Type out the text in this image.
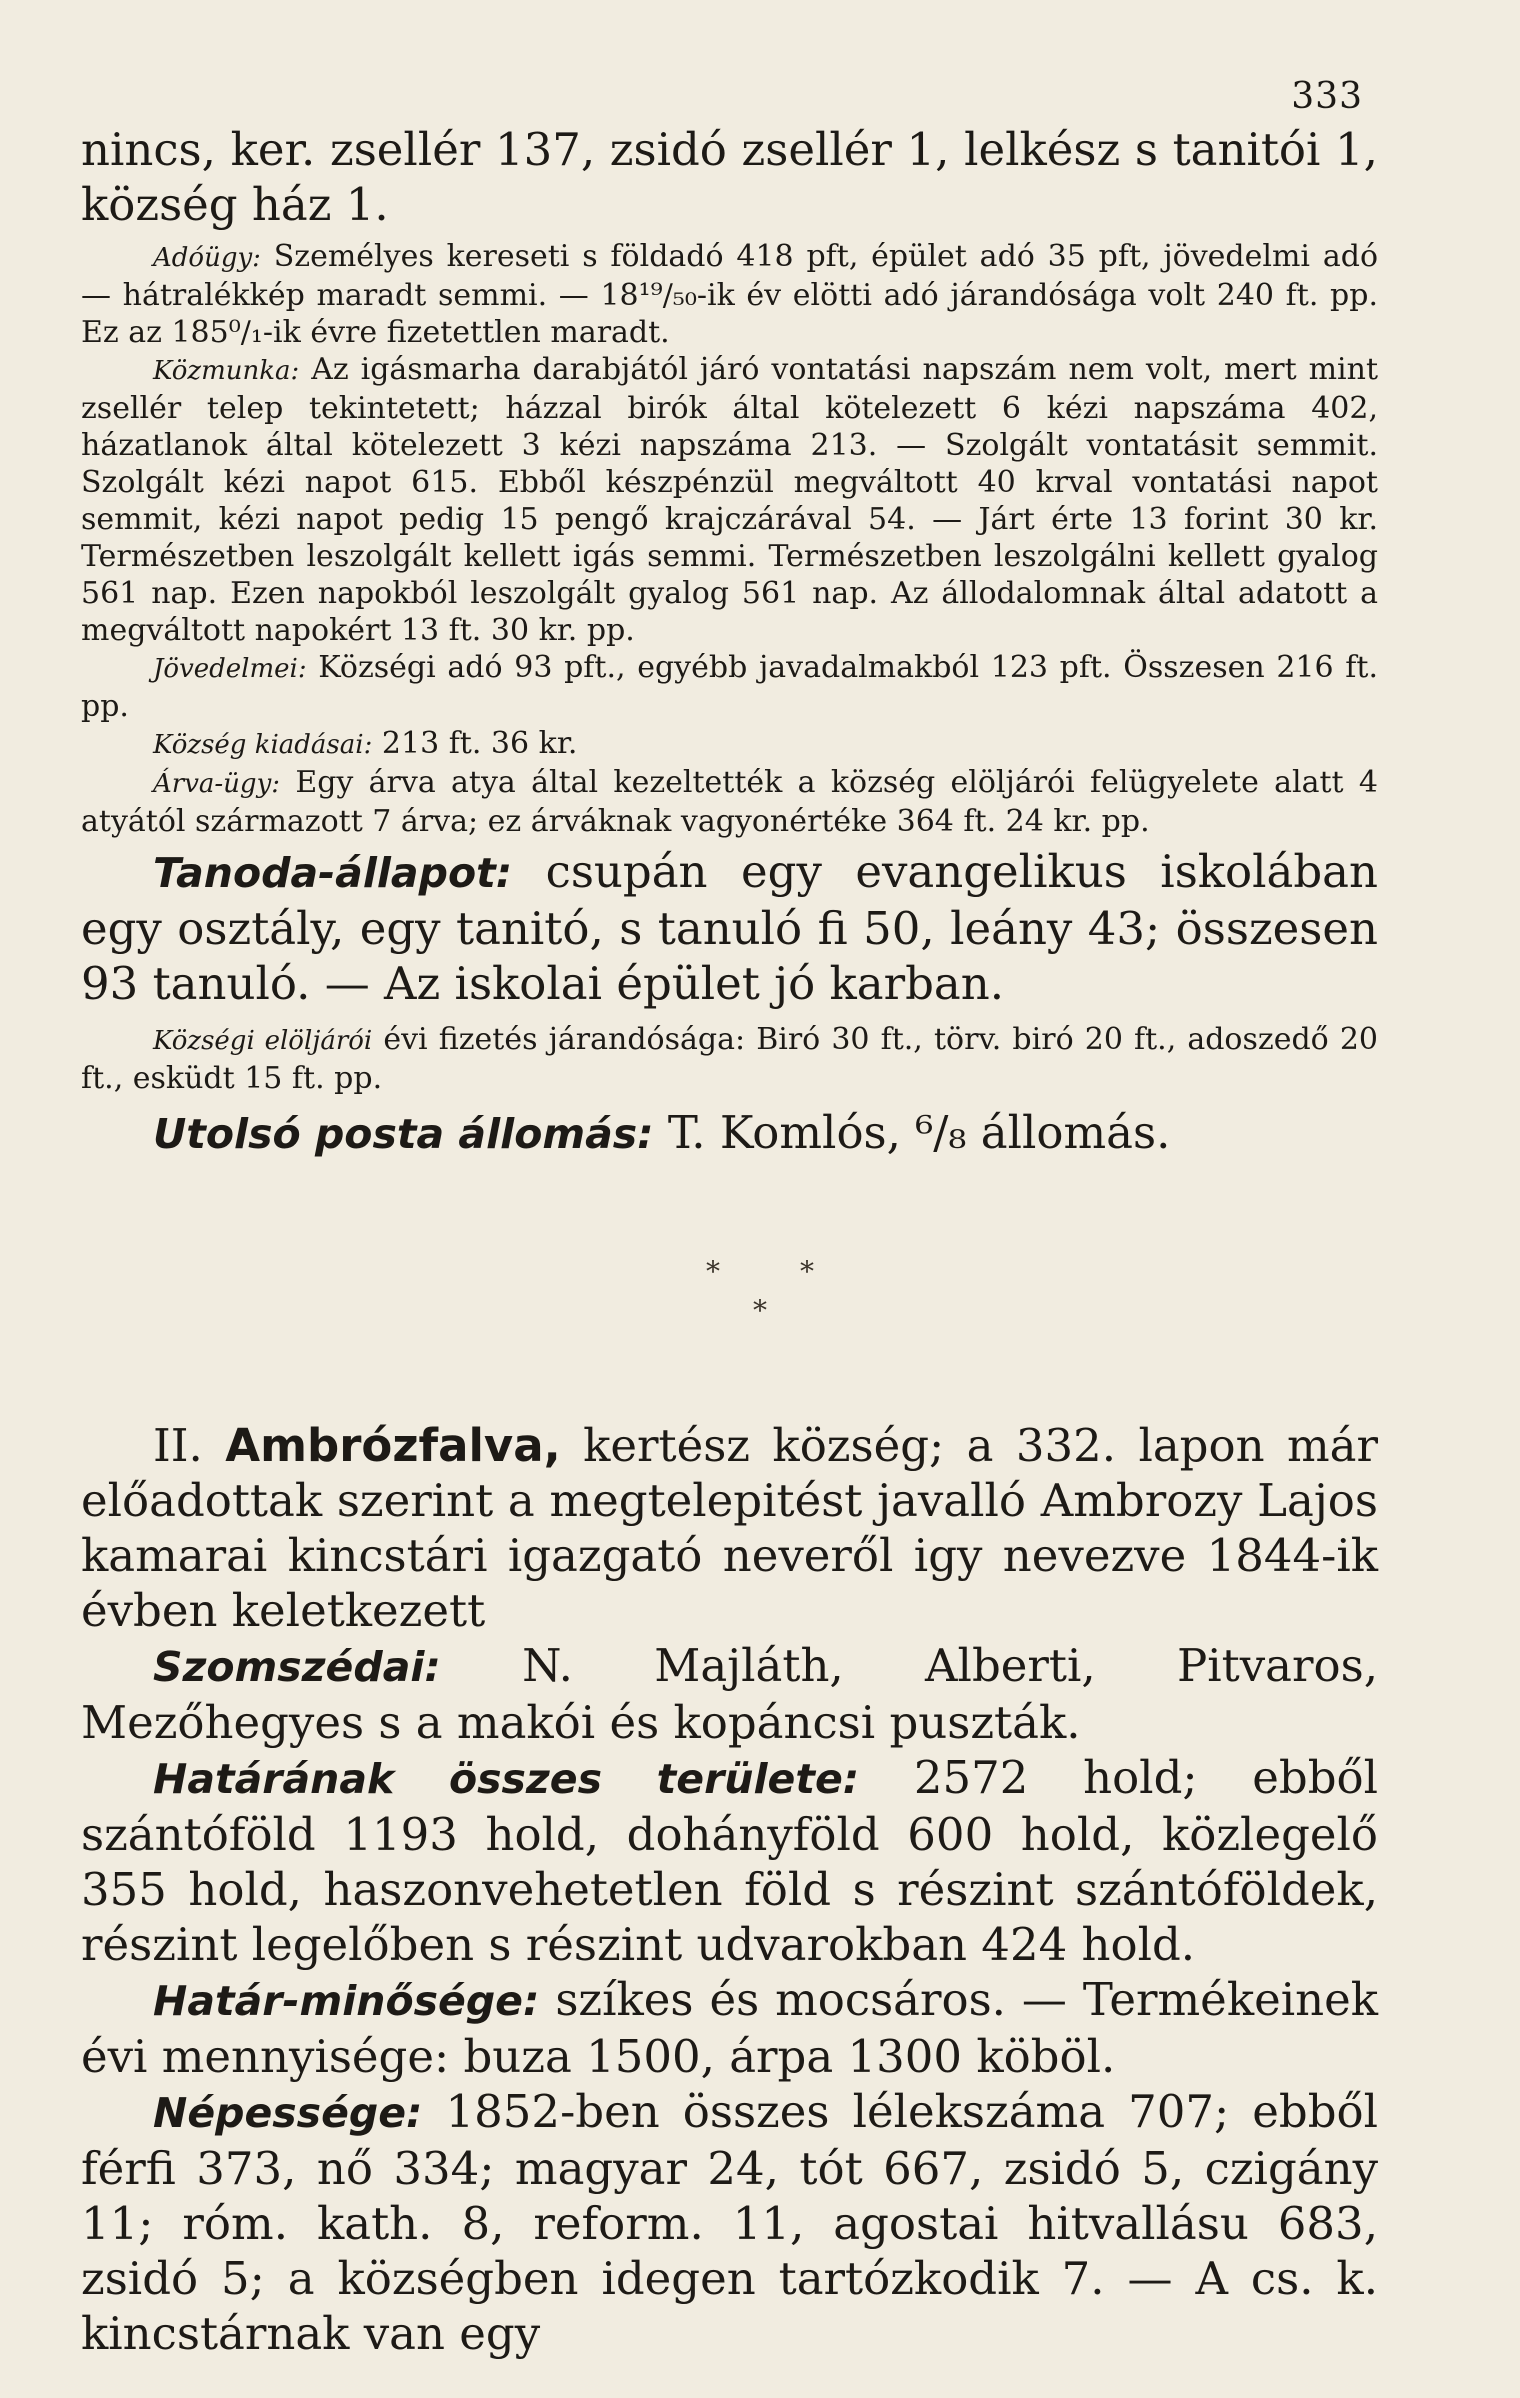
333

nincs, ker. zsellér 137, zsidó zsellér 1, lelkész s tanitói 1, község ház 1.

Adóügy: Személyes kereseti s földadó 418 pft, épület adó 35 pft, jövedelmi adó — hátralékkép maradt semmi. — 18¹⁹/₅₀-ik év elötti adó járandósága volt 240 ft. pp. Ez az 185⁰/₁-ik évre fizetettlen maradt.

Közmunka: Az igásmarha darabjától járó vontatási napszám nem volt, mert mint zsellér telep tekintetett; házzal birók által kötelezett 6 kézi napszáma 402, házatlanok által kötelezett 3 kézi napszáma 213. — Szolgált vontatásit semmit. Szolgált kézi napot 615. Ebből készpénzül megváltott 40 krval vontatási napot semmit, kézi napot pedig 15 pengő krajczárával 54. — Járt érte 13 forint 30 kr. Természetben leszolgált kellett igás semmi. Természetben leszolgálni kellett gyalog 561 nap. Ezen napokból leszolgált gyalog 561 nap. Az állodalomnak által adatott a megváltott napokért 13 ft. 30 kr. pp.

Jövedelmei: Községi adó 93 pft., egyébb javadalmakból 123 pft. Összesen 216 ft. pp.

Község kiadásai: 213 ft. 36 kr.

Árva-ügy: Egy árva atya által kezeltették a község elöljárói felügyelete alatt 4 atyától származott 7 árva; ez árváknak vagyonértéke 364 ft. 24 kr. pp.

Tanoda-állapot: csupán egy evangelikus iskolában egy osztály, egy tanitó, s tanuló fi 50, leány 43; összesen 93 tanuló. — Az iskolai épület jó karban.

Községi elöljárói évi fizetés járandósága: Biró 30 ft., törv. biró 20 ft., adoszedő 20 ft., esküdt 15 ft. pp.

Utolsó posta állomás: T. Komlós, ⁶/₈ állomás.

*	*
*

II. Ambrózfalva, kertész község; a 332. lapon már előadottak szerint a megtelepitést javalló Ambrozy Lajos kamarai kincstári igazgató neveről igy nevezve 1844-ik évben keletkezett

Szomszédai: N. Majláth, Alberti, Pitvaros, Mezőhegyes s a makói és kopáncsi puszták.

Határának összes területe: 2572 hold; ebből szántóföld 1193 hold, dohányföld 600 hold, közlegelő 355 hold, haszonvehetetlen föld s részint szántóföldek, részint legelőben s részint udvarokban 424 hold.

Határ-minősége: szíkes és mocsáros. — Termékeinek évi mennyisége: buza 1500, árpa 1300 köböl.

Népessége: 1852-ben összes lélekszáma 707; ebből férfi 373, nő 334; magyar 24, tót 667, zsidó 5, czigány 11; róm. kath. 8, reform. 11, agostai hitvallásu 683, zsidó 5; a községben idegen tartózkodik 7. — A cs. k. kincstárnak van egy
